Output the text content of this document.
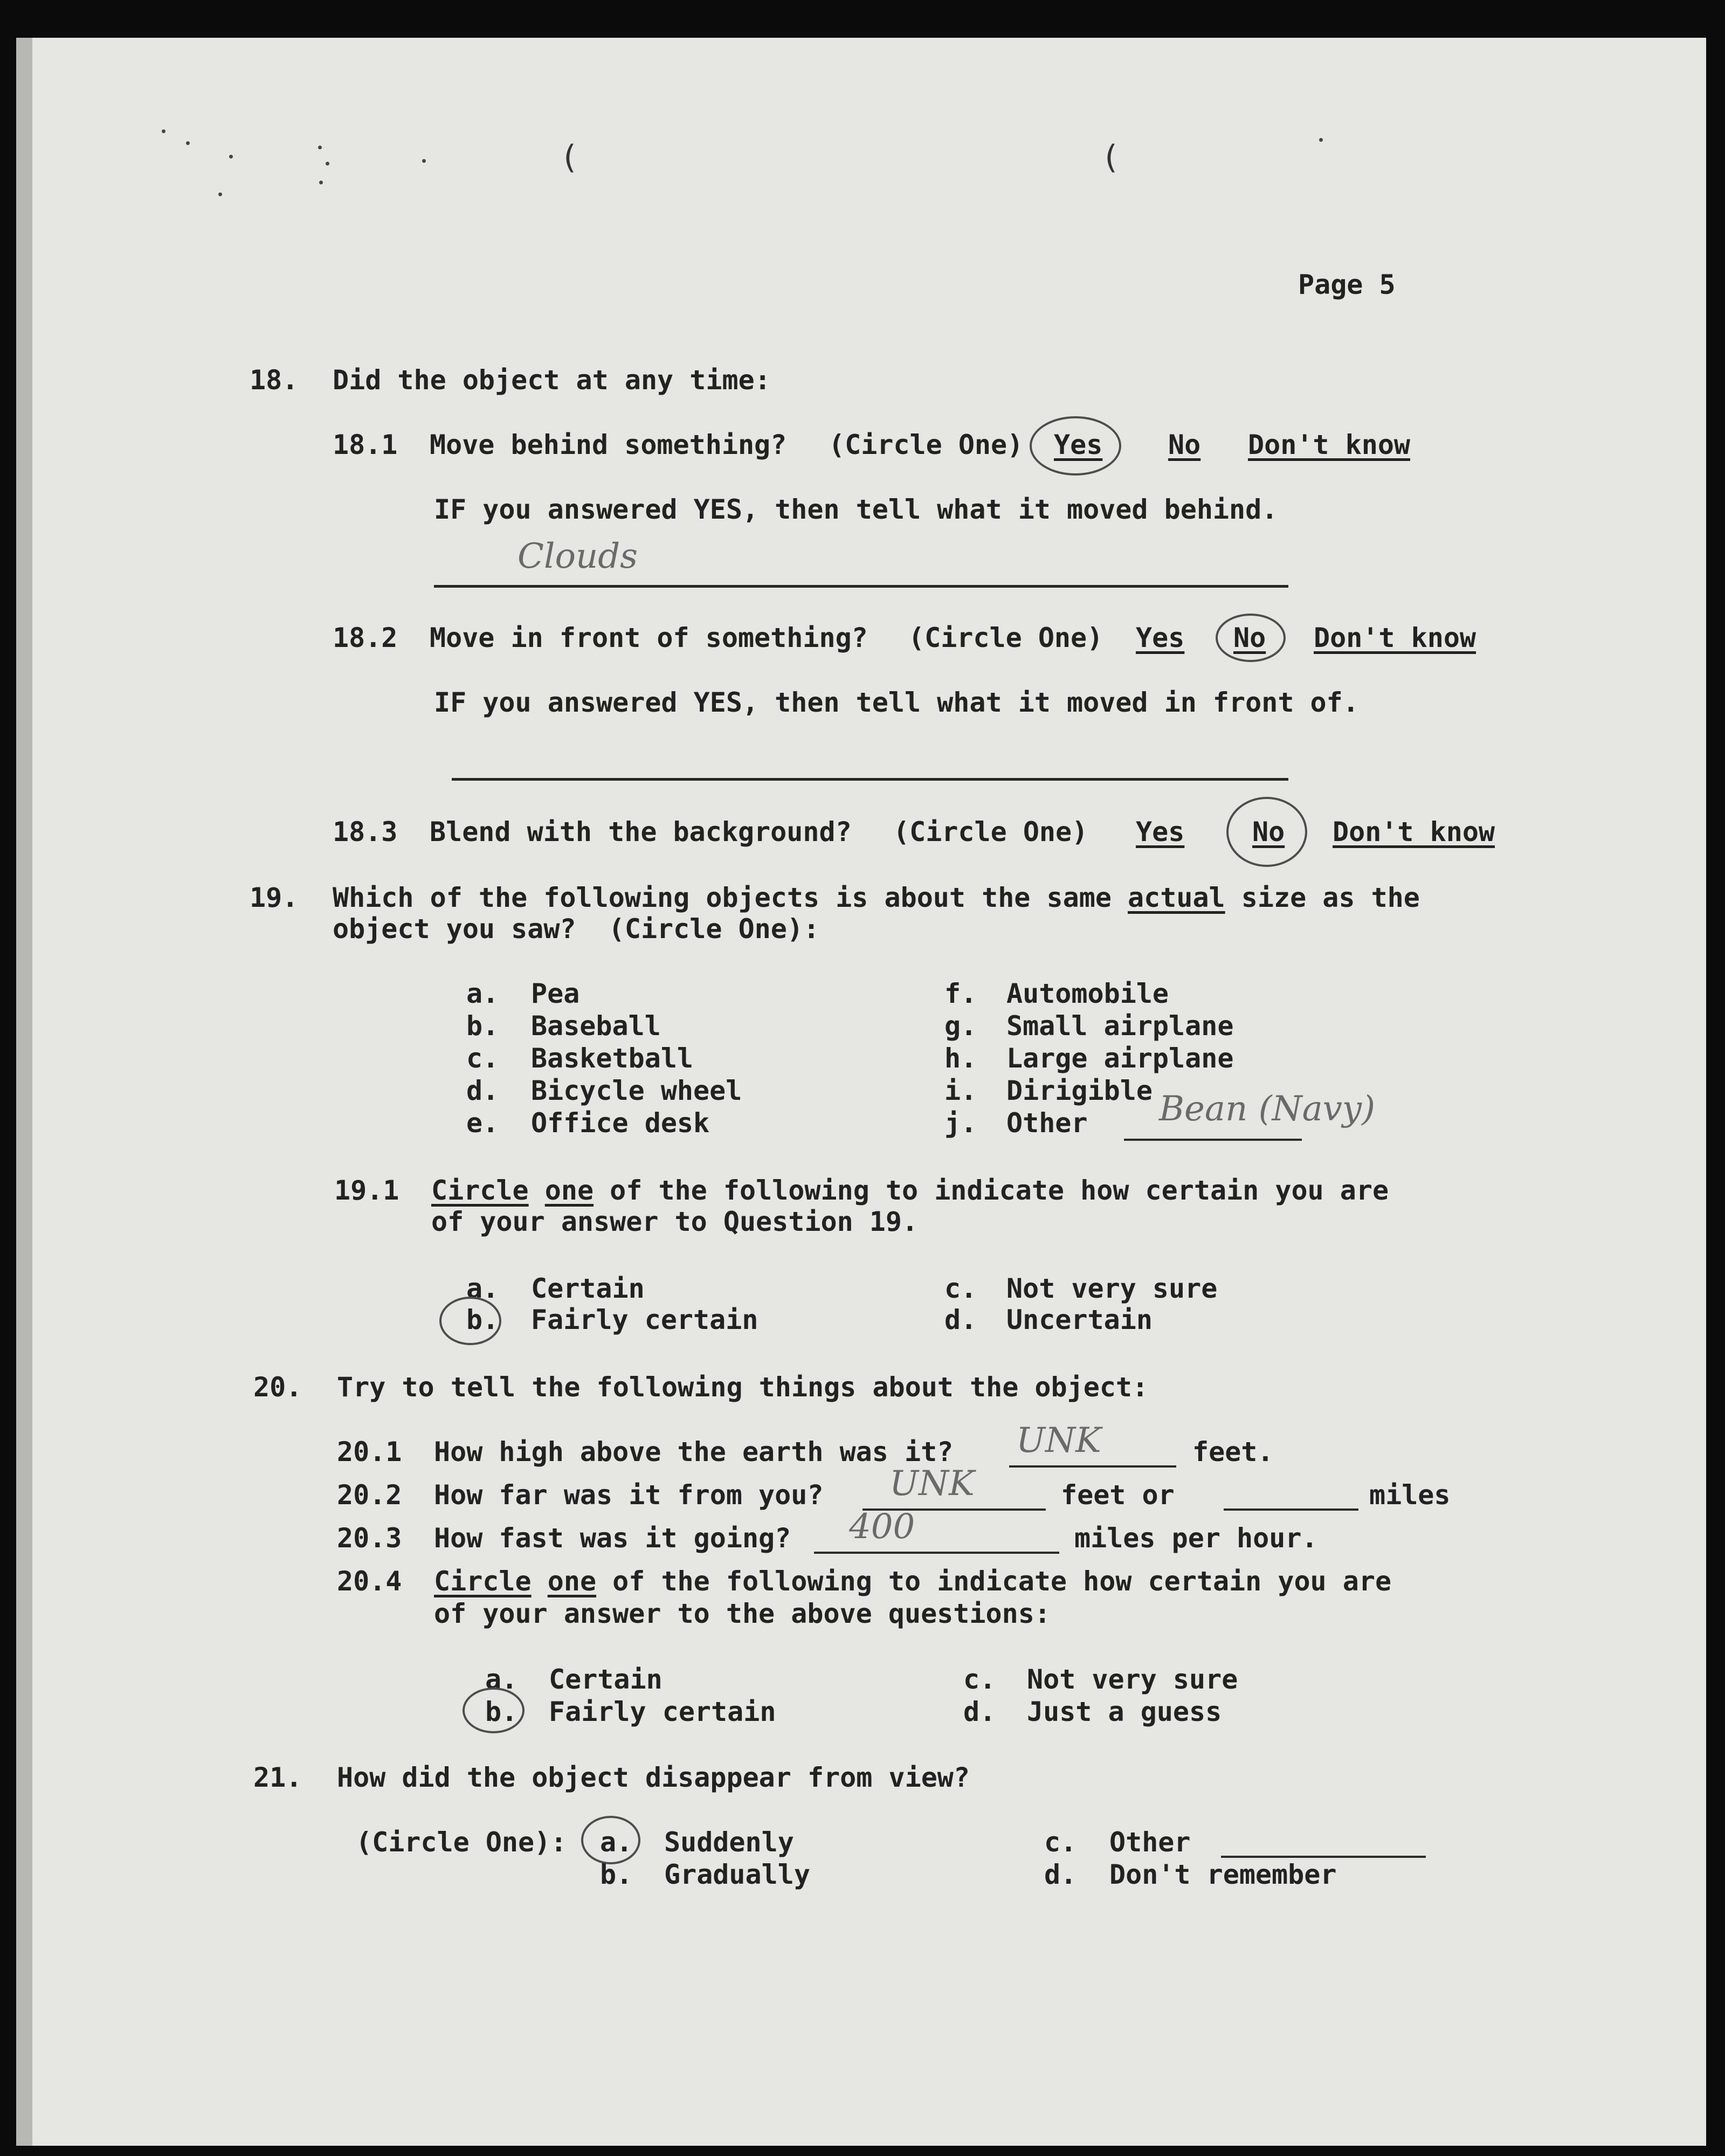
(	(
Page 5
18. Did the object at any time:
18.1 Move behind something? (Circle One) Yes No Don't know
IF you answered YES, then tell what it moved behind.
Clouds
18.2 Move in front of something? (Circle One) Yes No Don't know
IF you answered YES, then tell what it moved in front of.
18.3 Blend with the background? (Circle One) Yes	No Don't know
19. Which of the following objects is about the same actual size as the
object you saw?  (Circle One):
a. Pea
b. Baseball
c. Basketball
d. Bicycle wheel
e. Office desk
f. Automobile
g. Small airplane
h. Large airplane
i. Dirigible
j. Other Bean (Navy)
19.1 Circle one of the following to indicate how certain you are
of your answer to Question 19.
a. Certain
b. Fairly certain
c. Not very sure
d. Uncertain
20. Try to tell the following things about the object:
20.1 How high above the earth was it? UNK	feet.
20.2 How far was it from you? UNK	feet or	miles
20.3 How fast was it going? 400	miles per hour.
20.4 Circle one of the following to indicate how certain you are
of your answer to the above questions:
a. Certain
b. Fairly certain
c. Not very sure
d. Just a guess
21. How did the object disappear from view?
(Circle One): a. Suddenly
b. Gradually
c. Other
d. Don't remember
